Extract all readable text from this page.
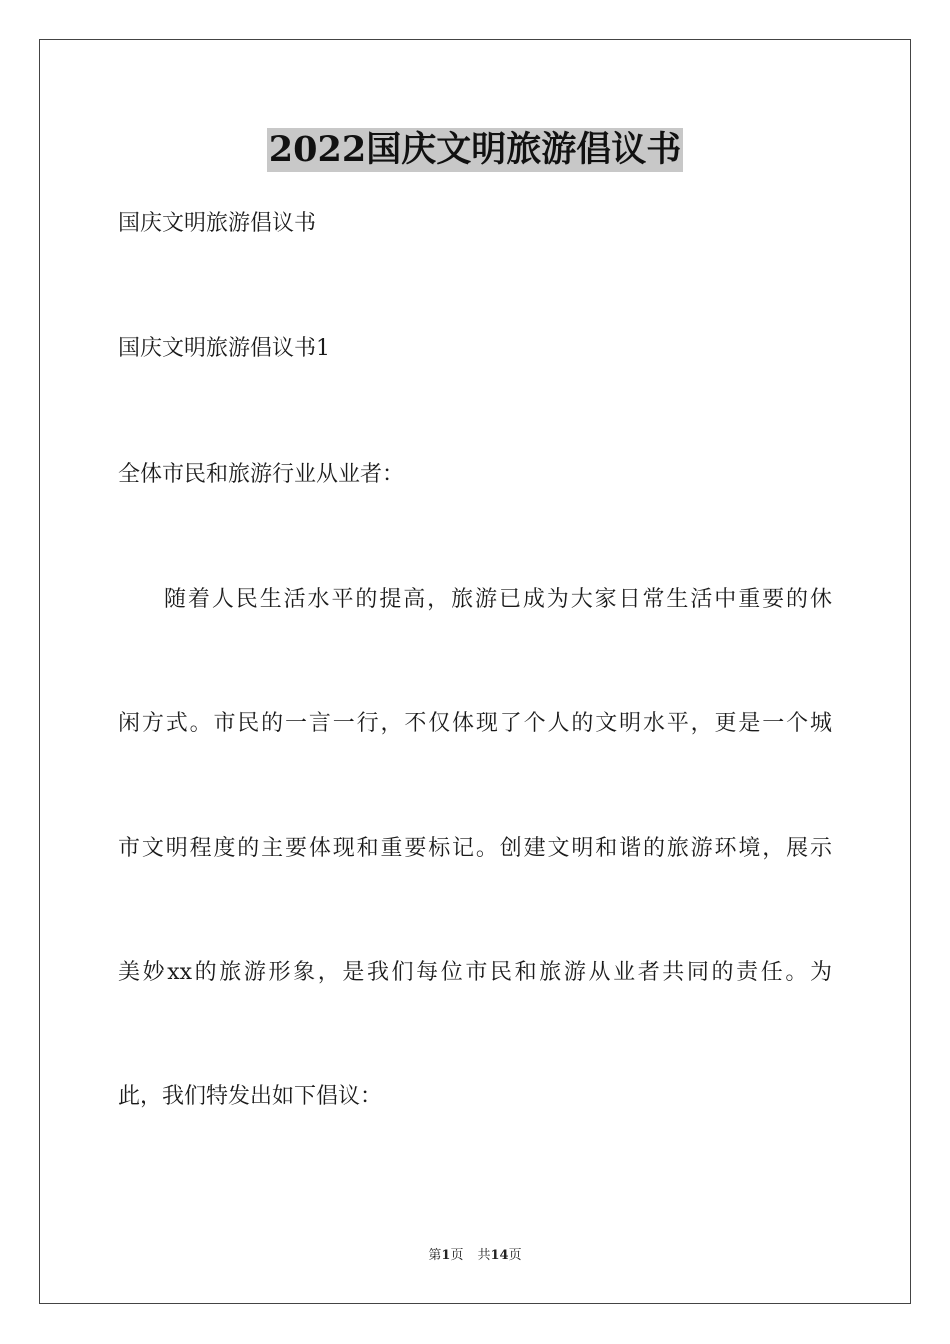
2022国庆文明旅游倡议书
国庆文明旅游倡议书
国庆文明旅游倡议书1
全体市民和旅游行业从业者：
随着人民生活水平的提高，旅游已成为大家日常生活中重要的休
闲方式。市民的一言一行，不仅体现了个人的文明水平，更是一个城
市文明程度的主要体现和重要标记。创建文明和谐的旅游环境，展示
美妙xx的旅游形象，是我们每位市民和旅游从业者共同的责任。为
此，我们特发出如下倡议：
第1页 共14页
